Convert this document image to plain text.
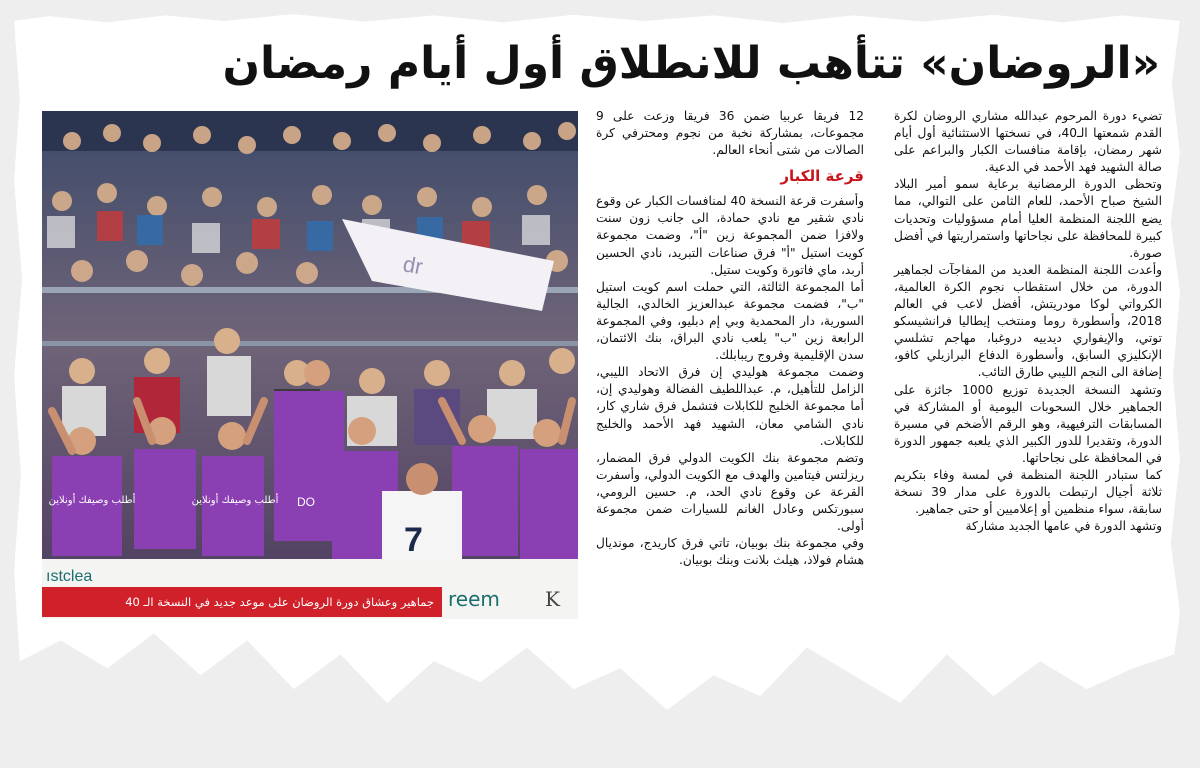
«الروضان» تتأهب للانطلاق أول أيام رمضان

تضيء دورة المرحوم عبدالله مشاري الروضان لكرة القدم شمعتها الـ40، في نسختها الاستثنائية أول أيام شهر رمضان، بإقامة منافسات الكبار والبراعم على صالة الشهيد فهد الأحمد في الدعية.

وتحظى الدورة الرمضانية برعاية سمو أمير البلاد الشيخ صباح الأحمد، للعام الثامن على التوالي، مما يضع اللجنة المنظمة العليا أمام مسؤوليات وتحديات كبيرة للمحافظة على نجاحاتها واستمراريتها في أفضل صورة.

وأعدت اللجنة المنظمة العديد من المفاجآت لجماهير الدورة، من خلال استقطاب نجوم الكرة العالمية، الكرواتي لوكا مودريتش، أفضل لاعب في العالم 2018، وأسطورة روما ومنتخب إيطاليا فرانشيسكو توتي، والإيفواري ديدييه دروغبا، مهاجم تشلسي الإنكليزي السابق، وأسطورة الدفاع البرازيلي كافو، إضافة الى النجم الليبي طارق التائب.

وتشهد النسخة الجديدة توزيع 1000 جائزة على الجماهير خلال السحوبات اليومية أو المشاركة في المسابقات الترفيهية، وهو الرقم الأضخم في مسيرة الدورة، وتقديرا للدور الكبير الذي يلعبه جمهور الدورة في المحافظة على نجاحاتها.

كما ستبادر اللجنة المنظمة في لمسة وفاء بتكريم ثلاثة أجيال ارتبطت بالدورة على مدار 39 نسخة سابقة، سواء منظمين أو إعلاميين أو حتى جماهير.

وتشهد الدورة في عامها الجديد مشاركة

12 فريقا عربيا ضمن 36 فريقا وزعت على 9 مجموعات، بمشاركة نخبة من نجوم ومحترفي كرة الصالات من شتى أنحاء العالم.

قرعة الكبار

وأسفرت قرعة النسخة 40 لمنافسات الكبار عن وقوع نادي شقير مع نادي حمادة، الى جانب زون سنت ولافزا ضمن المجموعة زين "أ"، وضمت مجموعة كويت استيل "أ" فرق صناعات التبريد، نادي الحسين أربد، ماي فاتورة وكويت ستيل.

أما المجموعة الثالثة، التي حملت اسم كويت استيل "ب"، فضمت مجموعة عبدالعزيز الخالدي، الجالية السورية، دار المحمدية وبي إم دبليو، وفي المجموعة الرابعة زين "ب" يلعب نادي البراق، بنك الائتمان، سدن الإقليمية وفروج ريبابلك.

وضمت مجموعة هوليدي إن فرق الاتحاد الليبي، الزامل للتأهيل، م. عبداللطيف الفضالة وهوليدي إن، أما مجموعة الخليج للكابلات فتشمل فرق شاري كار، نادي الشامي معان، الشهيد فهد الأحمد والخليج للكابلات.

وتضم مجموعة بنك الكويت الدولي فرق المضمار، ريزلتس فيتامين والهدف مع الكويت الدولي، وأسفرت القرعة عن وقوع نادي الحد، م. حسين الرومي، سبورتكس وعادل الغانم للسيارات ضمن مجموعة أولى.

وفي مجموعة بنك بوبيان، تاتي فرق كاريدج، مونديال هشام فولاذ، هيلث بلانت وبنك بوبيان.

dr
أطلب وصيفك أونلاين	أطلب وصيفك أونلاين DO
7
ıstclea
جماهير وعشاق دورة الروضان على موعد جديد في النسخة الـ 40 reem K
